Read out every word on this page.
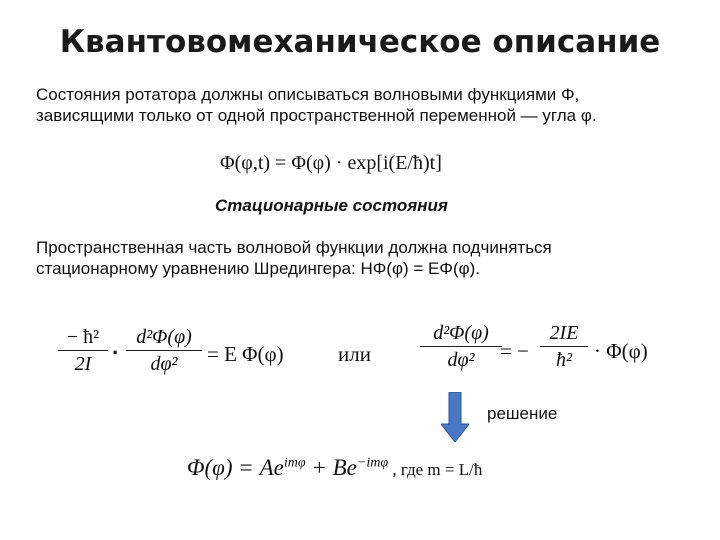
Квантовомеханическое описание
Состояния ротатора должны описываться волновыми функциями Φ,
зависящими только от одной пространственной переменной — угла φ.
Φ(φ,t) = Φ(φ) · exp[i(E/ħ)t]
Стационарные состояния
Пространственная часть волновой функции должна подчиняться
стационарному уравнению Шредингера: HΦ(φ) = EΦ(φ).
− ħ²
2I ·
d²Φ(φ)
dφ²	= E Φ(φ)	или
d²Φ(φ)
dφ²	= −
2IE
ħ²	· Φ(φ)
решение
$\Phi(\varphi) = Ae^{im\varphi} + Be^{-im\varphi}$ , где m = L/ħ
